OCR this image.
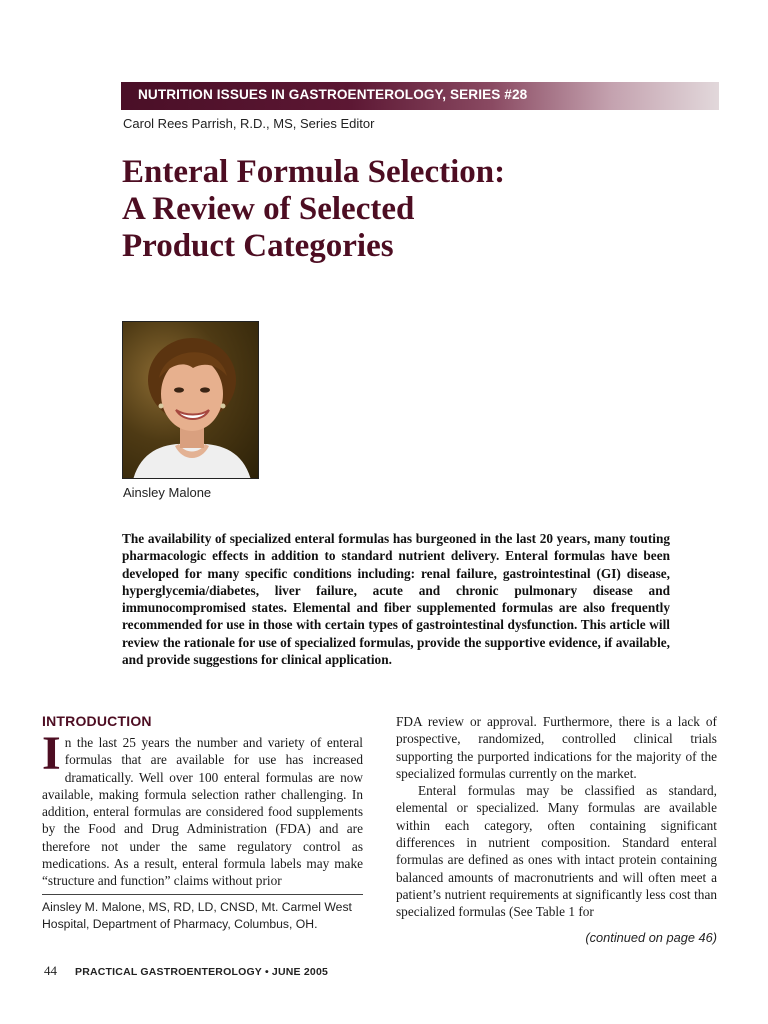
NUTRITION ISSUES IN GASTROENTEROLOGY, SERIES #28
Carol Rees Parrish, R.D., MS, Series Editor
Enteral Formula Selection:
A Review of Selected
Product Categories
Ainsley Malone

The availability of specialized enteral formulas has burgeoned in the last 20 years, many touting pharmacologic effects in addition to standard nutrient delivery. Enteral formulas have been developed for many specific conditions including: renal failure, gastrointestinal (GI) disease, hyperglycemia/diabetes, liver failure, acute and chronic pulmonary disease and immunocompromised states. Elemental and fiber supplemented formulas are also frequently recommended for use in those with certain types of gastrointestinal dysfunction. This article will review the rationale for use of specialized formulas, provide the supportive evidence, if available, and provide suggestions for clinical application.

INTRODUCTION

In the last 25 years the number and variety of enteral formulas that are available for use has increased dramatically. Well over 100 enteral formulas are now available, making formula selection rather challenging. In addition, enteral formulas are considered food supplements by the Food and Drug Administration (FDA) and are therefore not under the same regulatory control as medications. As a result, enteral formula labels may make “structure and function” claims without prior

Ainsley M. Malone, MS, RD, LD, CNSD, Mt. Carmel West Hospital, Department of Pharmacy, Columbus, OH.

FDA review or approval. Furthermore, there is a lack of prospective, randomized, controlled clinical trials supporting the purported indications for the majority of the specialized formulas currently on the market.

Enteral formulas may be classified as standard, elemental or specialized. Many formulas are available within each category, often containing significant differences in nutrient composition. Standard enteral formulas are defined as ones with intact protein containing balanced amounts of macronutrients and will often meet a patient’s nutrient requirements at significantly less cost than specialized formulas (See Table 1 for

(continued on page 46)
44 PRACTICAL GASTROENTEROLOGY • JUNE 2005
